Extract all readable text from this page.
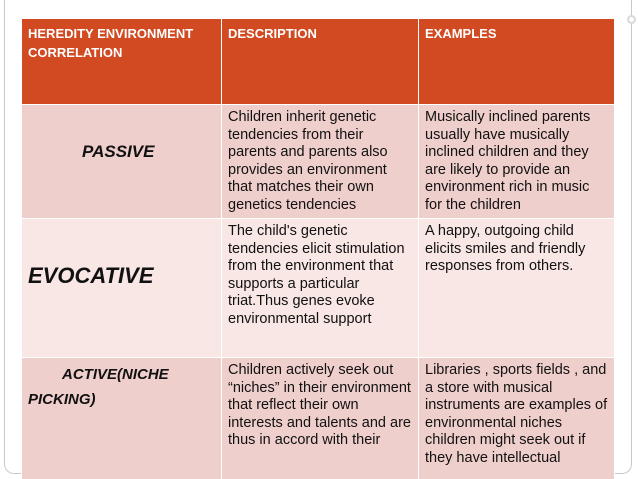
HEREDITY ENVIRONMENT CORRELATION	DESCRIPTION	EXAMPLES

PASSIVE	Children inherit genetic tendencies from their parents and parents also provides an environment that matches their own genetics tendencies	Musically inclined parents usually have musically inclined children and they are likely to provide an environment rich in music for the children

EVOCATIVE	The child's genetic tendencies elicit stimulation from the environment that supports a particular triat.Thus genes evoke environmental support	A happy, outgoing child elicits smiles and friendly responses from others.

ACTIVE(NICHE PICKING)	Children actively seek out “niches” in their environment that reflect their own interests and talents and are thus in accord with their	Libraries , sports fields , and a store with musical instruments are examples of environmental niches children might seek out if they have intellectual
